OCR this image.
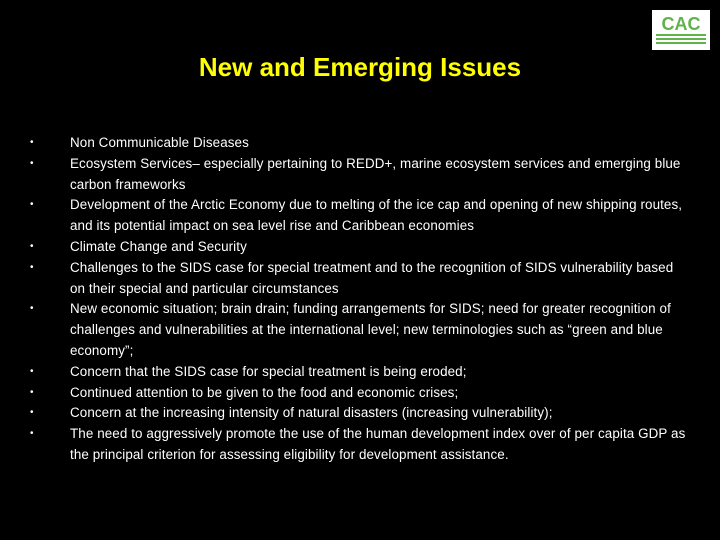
CAC
New and Emerging Issues
•	Non Communicable Diseases
•	Ecosystem Services– especially pertaining to REDD+, marine ecosystem services and emerging blue carbon frameworks
•	Development of the Arctic Economy due to melting of the ice cap and opening of new shipping routes, and its potential impact on sea level rise and Caribbean economies
•	Climate Change and Security
•	Challenges to the SIDS case for special treatment and to the recognition of SIDS vulnerability based on their special and particular circumstances
•	New economic situation; brain drain; funding arrangements for SIDS; need for greater recognition of challenges and vulnerabilities at the international level; new terminologies such as “green and blue economy”;
•	Concern that the SIDS case for special treatment is being eroded;
•	Continued attention to be given to the food and economic crises;
•	Concern at the increasing intensity of natural disasters (increasing vulnerability);
•	The need to aggressively promote the use of the human development index over of per capita GDP as the principal criterion for assessing eligibility for development assistance.
